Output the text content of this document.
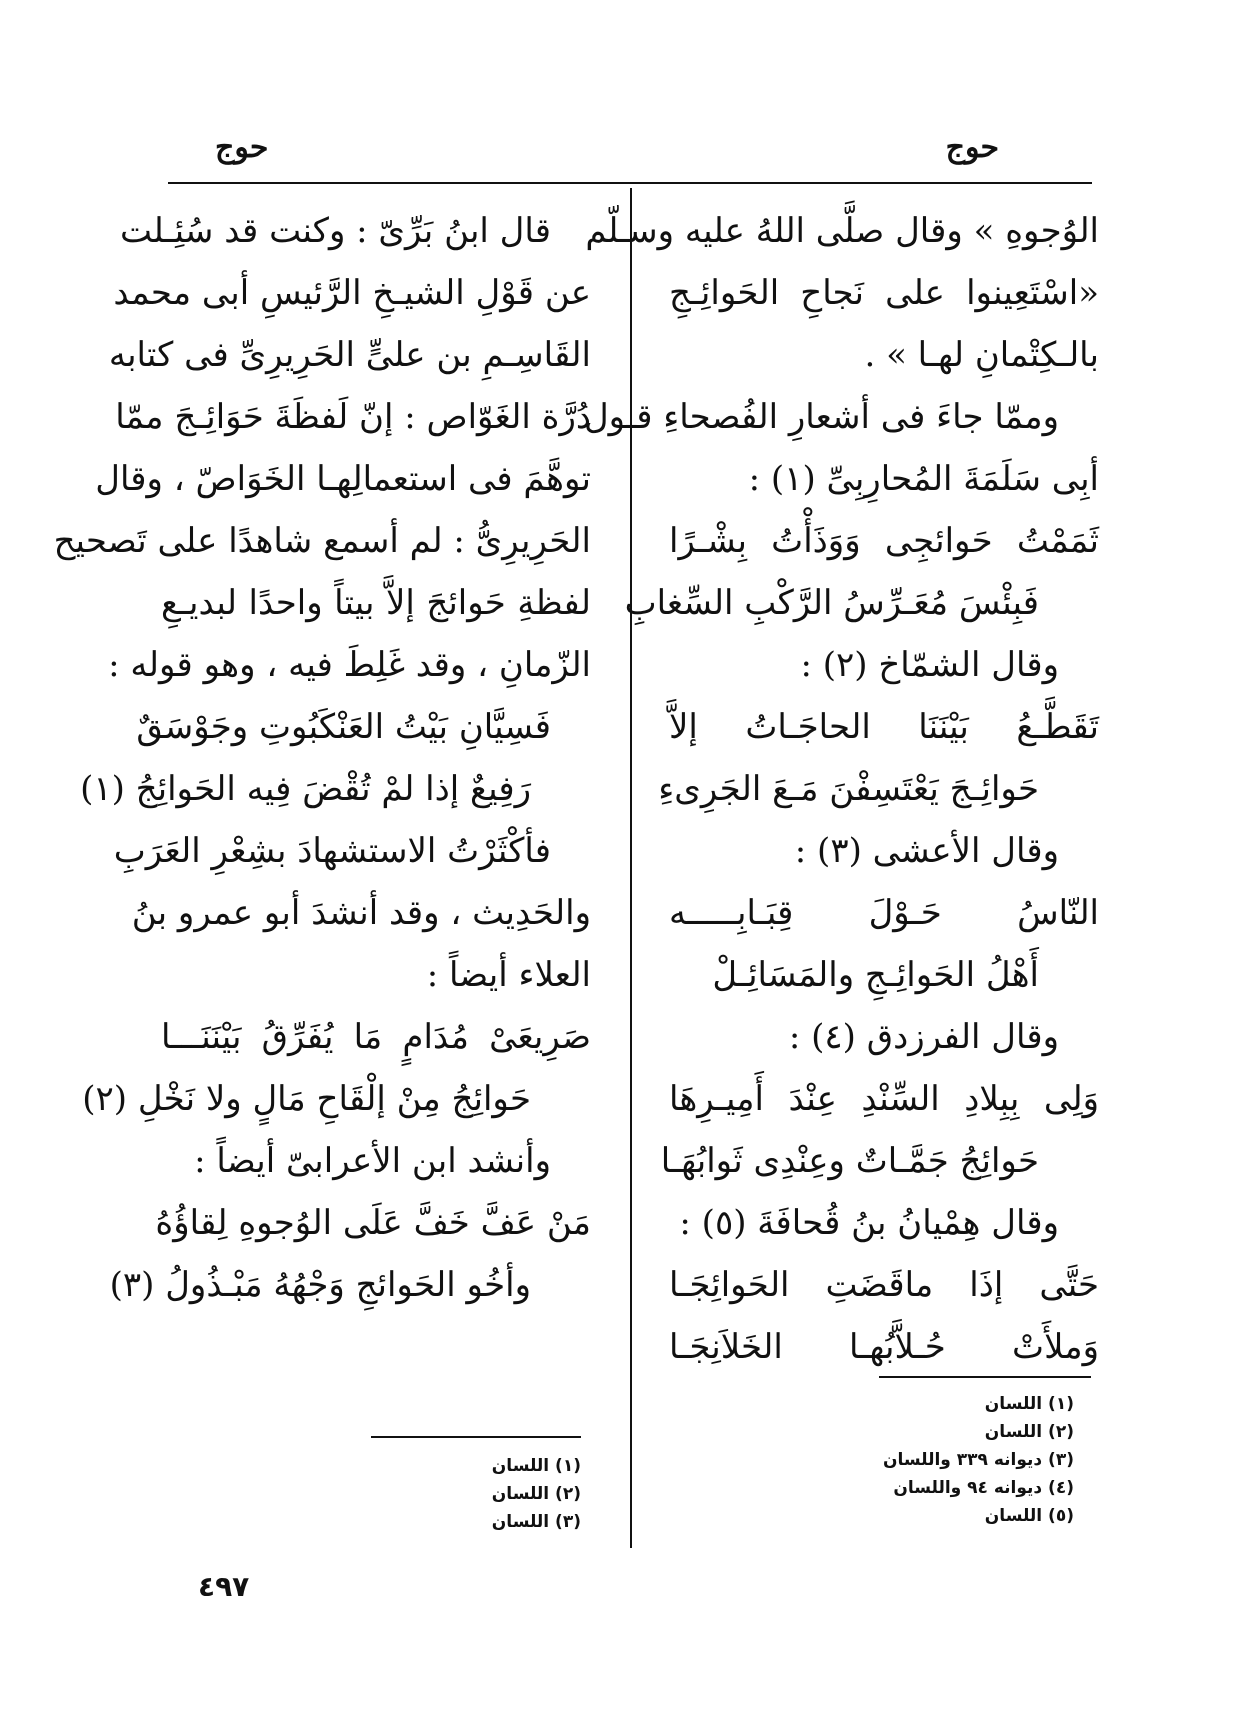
حوج
حوج
الوُجوهِ » وقال صلَّى اللهُ عليه وسـلّم
«اسْتَعِينوا على نَجاحِ الحَوائِـجِ
بالـكِتْمانِ لهـا » .
وممّا جاءَ فى أشعارِ الفُصحاءِ قـول
أبِى سَلَمَةَ المُحارِبِىِّ (١) :
ثَمَمْتُ حَوائجِى وَوَذَأْتُ بِشْـرًا
فَبِئْسَ مُعَـرِّسُ الرَّكْبِ السِّغابِ
وقال الشمّاخ (٢) :
تَقَطَّـعُ بَيْنَنَا الحاجَـاتُ إلاَّ
حَوائِـجَ يَعْتَسِفْنَ مَـعَ الجَرِىءِ
وقال الأعشى (٣) :
النّاسُ حَـوْلَ قِبَـابِـــــه
أَهْلُ الحَوائِـجِ والمَسَائِـلْ
وقال الفرزدق (٤) :
وَلِى بِبِلادِ السِّنْدِ عِنْدَ أَمِيـرِهَا
حَوائِجُ جَمَّـاتٌ وعِنْدِى ثَوابُهَـا
وقال هِمْيانُ بنُ قُحافَةَ (٥) :
حَتَّى إذَا ماقَضَتِ الحَوائِجَـا
وَملأَتْ حُـلاَّبُهـا الخَلاَنِجَـا
قال ابنُ بَرِّىّ : وكنت قد سُئِـلت
عن قَوْلِ الشيـخِ الرَّئيسِ أبى محمد
القَاسِـمِ بن علىٍّ الحَرِيرِىِّ فى كتابه
دُرَّة الغَوّاص : إنّ لَفظَةَ حَوَائِـجَ ممّا
توهَّمَ فى استعمالِهـا الخَوَاصّ ، وقال
الحَرِيرِىُّ : لم أسمع شاهدًا على تَصحيح
لفظةِ حَوائجَ إلاَّ بيتاً واحدًا لبديـعِ
الزّمانِ ، وقد غَلِطَ فيه ، وهو قوله :
فَسِيَّانِ بَيْتُ العَنْكَبُوتِ وجَوْسَقٌ
رَفِيعٌ إذا لمْ تُقْضَ فِيه الحَوائِجُ (١)
فأكْثَرْتُ الاستشهادَ بشِعْرِ العَرَبِ
والحَدِيث ، وقد أنشدَ أبو عمرو بنُ
العلاء أيضاً :
صَرِيعَىْ مُدَامٍ مَا يُفَرِّقُ بَيْنَنَـــا
حَوائِجُ مِنْ إلْقَاحِ مَالٍ ولا نَخْلِ (٢)
وأنشد ابن الأعرابىّ أيضاً :
مَنْ عَفَّ خَفَّ عَلَى الوُجوهِ لِقاؤُهُ
وأخُو الحَوائجِ وَجْهُهُ مَبْـذُولُ (٣)
(١) اللسان
(٢) اللسان
(٣) ديوانه ٣٣٩ واللسان
(٤) ديوانه ٩٤ واللسان
(٥) اللسان
(١) اللسان
(٢) اللسان
(٣) اللسان
٤٩٧
